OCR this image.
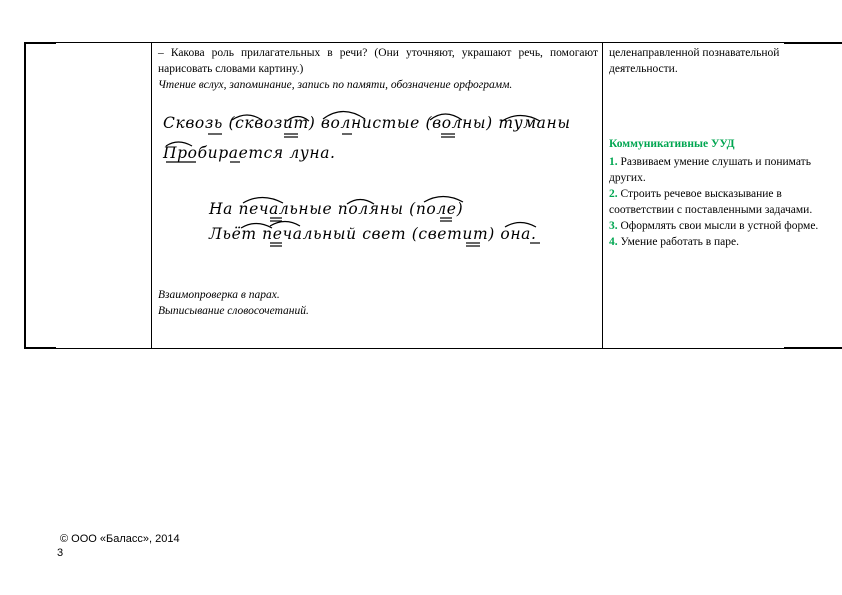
– Какова роль прилагательных в речи? (Они уточняют, украшают речь, помогают нарисовать словами картину.)
Чтение вслух, запоминание, запись по памяти, обозначение орфограмм.
Сквозь (сквозит) волнистые (волны) туманы
Пробирается луна.
На печальные поляны (поле)
Льёт печальный свет (светит) она.
Взаимопроверка в парах.
Выписывание словосочетаний.
целенаправленной познавательной деятельности.
Коммуникативные УУД

1. Развиваем умение слушать и понимать других.

2. Строить речевое высказывание в соответствии с поставленными задачами.

3. Оформлять свои мысли в устной форме.

4. Умение работать в паре.

© ООО «Баласс», 2014
3
